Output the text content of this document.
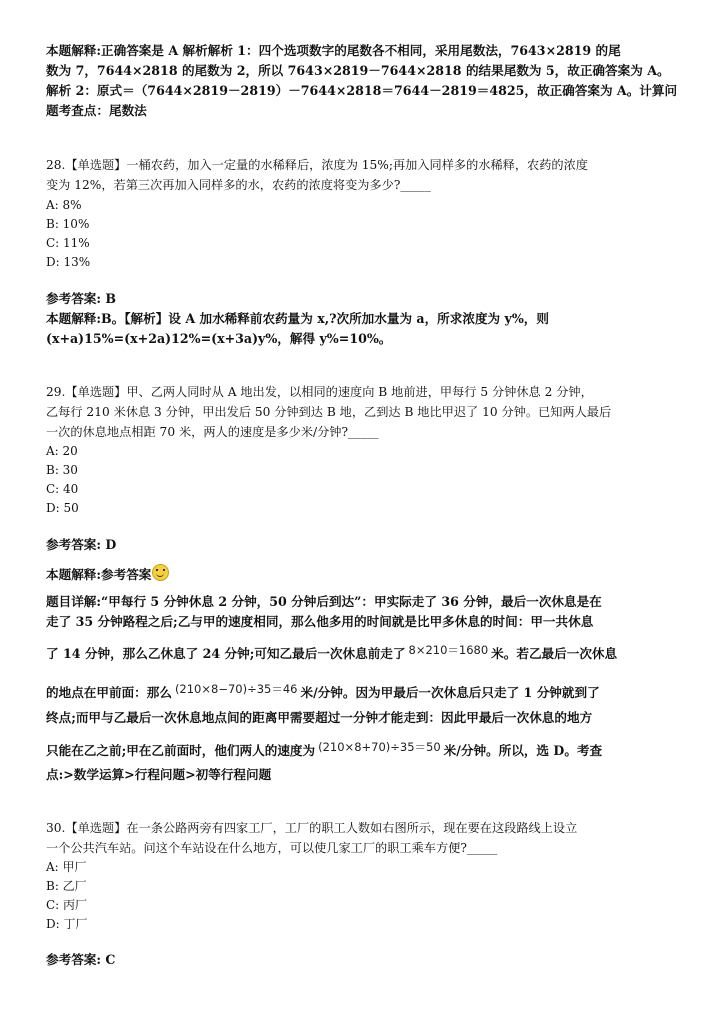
本题解释:正确答案是 A 解析解析 1：四个选项数字的尾数各不相同，采用尾数法，7643×2819 的尾
数为 7，7644×2818 的尾数为 2，所以 7643×2819－7644×2818 的结果尾数为 5，故正确答案为 A。
解析 2：原式＝（7644×2819－2819）－7644×2818＝7644－2819＝4825，故正确答案为 A。计算问
题考查点：尾数法
28.【单选题】一桶农药，加入一定量的水稀释后，浓度为 15%;再加入同样多的水稀释，农药的浓度
变为 12%，若第三次再加入同样多的水，农药的浓度将变为多少?_____
A: 8%
B: 10%
C: 11%
D: 13%
参考答案: B
本题解释:B。【解析】设 A 加水稀释前农药量为 x,?次所加水量为 a，所求浓度为 y%，则
(x+a)15%=(x+2a)12%=(x+3a)y%，解得 y%=10%。
29.【单选题】甲、乙两人同时从 A 地出发，以相同的速度向 B 地前进，甲每行 5 分钟休息 2 分钟，
乙每行 210 米休息 3 分钟，甲出发后 50 分钟到达 B 地，乙到达 B 地比甲迟了 10 分钟。已知两人最后
一次的休息地点相距 70 米，两人的速度是多少米/分钟?_____
A: 20
B: 30
C: 40
D: 50
参考答案: D
本题解释:参考答案
题目详解:“甲每行 5 分钟休息 2 分钟，50 分钟后到达”：甲实际走了 36 分钟，最后一次休息是在
走了 35 分钟路程之后;乙与甲的速度相同，那么他多用的时间就是比甲多休息的时间：甲一共休息
了 14 分钟，那么乙休息了 24 分钟;可知乙最后一次休息前走了 8×210＝1680 米。若乙最后一次休息
的地点在甲前面：那么 (210×8−70)÷35＝46 米/分钟。因为甲最后一次休息后只走了 1 分钟就到了
终点;而甲与乙最后一次休息地点间的距离甲需要超过一分钟才能走到：因此甲最后一次休息的地方
只能在乙之前;甲在乙前面时，他们两人的速度为 (210×8+70)÷35＝50 米/分钟。所以，选 D。考查
点:>数学运算>行程问题>初等行程问题
30.【单选题】在一条公路两旁有四家工厂，工厂的职工人数如右图所示，现在要在这段路线上设立
一个公共汽车站。问这个车站设在什么地方，可以使几家工厂的职工乘车方便?_____
A: 甲厂
B: 乙厂
C: 丙厂
D: 丁厂
参考答案: C
